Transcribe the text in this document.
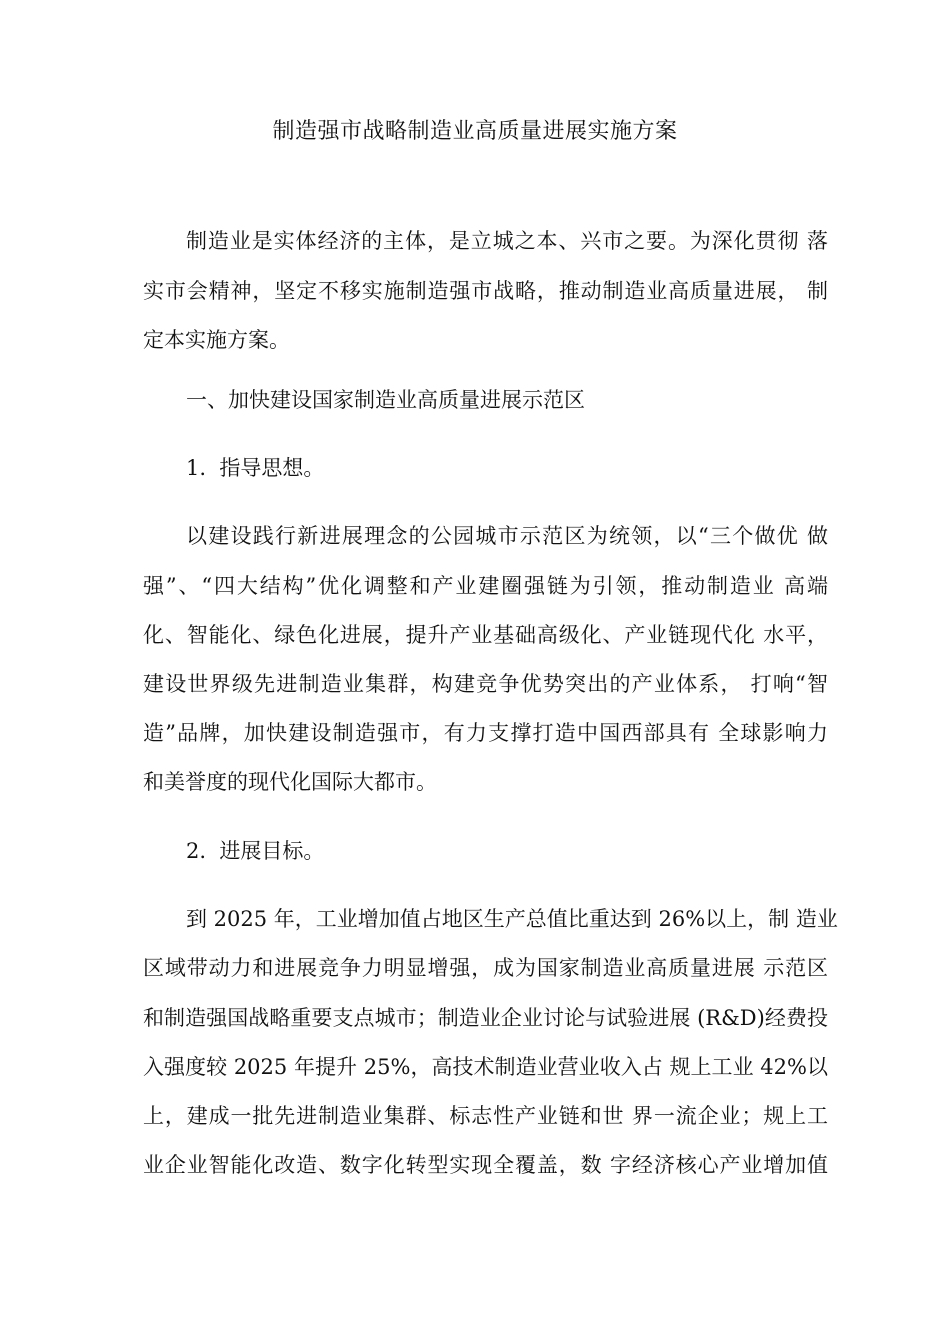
制造强市战略制造业高质量进展实施方案

制造业是实体经济的主体，是立城之本、兴市之要。为深化贯彻 落

实市会精神，坚定不移实施制造强市战略，推动制造业高质量进展， 制

定本实施方案。

一、加快建设国家制造业高质量进展示范区

1.  指导思想。

以建设践行新进展理念的公园城市示范区为统领，以“三个做优 做

强”、“四大结构”优化调整和产业建圈强链为引领，推动制造业 高端

化、智能化、绿色化进展，提升产业基础高级化、产业链现代化 水平，

建设世界级先进制造业集群，构建竞争优势突出的产业体系， 打响“智

造”品牌，加快建设制造强市，有力支撑打造中国西部具有 全球影响力

和美誉度的现代化国际大都市。

2.  进展目标。

到 2025 年，工业增加值占地区生产总值比重达到 26%以上，制 造业

区域带动力和进展竞争力明显增强，成为国家制造业高质量进展 示范区

和制造强国战略重要支点城市；制造业企业讨论与试验进展 (R&D)经费投

入强度较 2025 年提升 25%，高技术制造业营业收入占 规上工业 42%以

上，建成一批先进制造业集群、标志性产业链和世 界一流企业；规上工

业企业智能化改造、数字化转型实现全覆盖，数 字经济核心产业增加值
